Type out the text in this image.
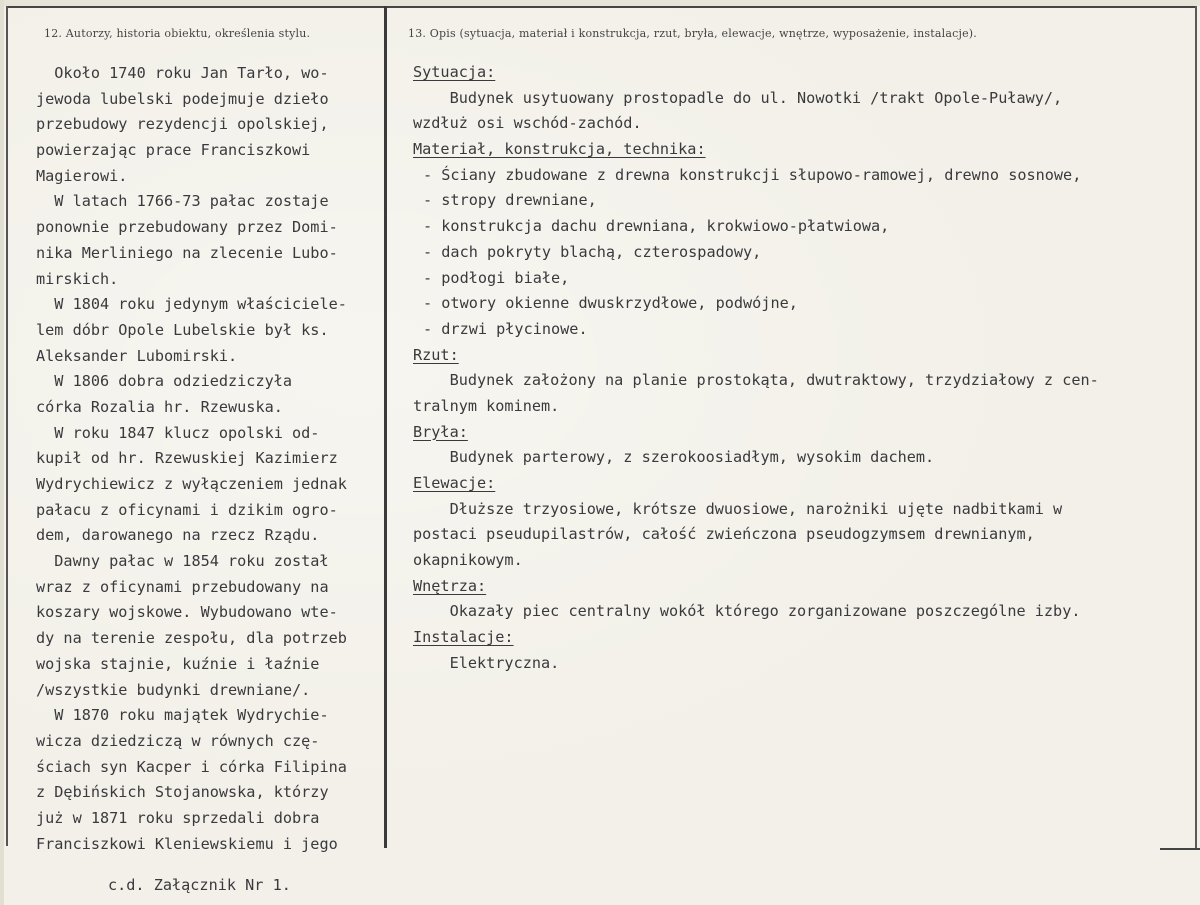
12. Autorzy, historia obiektu, określenia stylu.	13. Opis (sytuacja, materiał i konstrukcja, rzut, bryła, elewacje, wnętrze, wyposażenie, instalacje).
Około 1740 roku Jan Tarło, wo-
jewoda lubelski podejmuje dzieło
przebudowy rezydencji opolskiej,
powierzając prace Franciszkowi
Magierowi.
W latach 1766-73 pałac zostaje
ponownie przebudowany przez Domi-
nika Merliniego na zlecenie Lubo-
mirskich.
W 1804 roku jedynym właściciele-
lem dóbr Opole Lubelskie był ks.
Aleksander Lubomirski.
W 1806 dobra odziedziczyła
córka Rozalia hr. Rzewuska.
W roku 1847 klucz opolski od-
kupił od hr. Rzewuskiej Kazimierz
Wydrychiewicz z wyłączeniem jednak
pałacu z oficynami i dzikim ogro-
dem, darowanego na rzecz Rządu.
Dawny pałac w 1854 roku został
wraz z oficynami przebudowany na
koszary wojskowe. Wybudowano wte-
dy na terenie zespołu, dla potrzeb
wojska stajnie, kuźnie i łaźnie
/wszystkie budynki drewniane/.
W 1870 roku majątek Wydrychie-
wicza dziedziczą w równych czę-
ściach syn Kacper i córka Filipina
z Dębińskich Stojanowska, którzy
już w 1871 roku sprzedali dobra
Franciszkowi Kleniewskiemu i jego
Sytuacja:
Budynek usytuowany prostopadle do ul. Nowotki /trakt Opole-Puławy/,
wzdłuż osi wschód-zachód.
Materiał, konstrukcja, technika:
- Ściany zbudowane z drewna konstrukcji słupowo-ramowej, drewno sosnowe,
- stropy drewniane,
- konstrukcja dachu drewniana, krokwiowo-płatwiowa,
- dach pokryty blachą, czterospadowy,
- podłogi białe,
- otwory okienne dwuskrzydłowe, podwójne,
- drzwi płycinowe.
Rzut:
Budynek założony na planie prostokąta, dwutraktowy, trzydziałowy z cen-
tralnym kominem.
Bryła:
Budynek parterowy, z szerokoosiadłym, wysokim dachem.
Elewacje:
Dłuższe trzyosiowe, krótsze dwuosiowe, narożniki ujęte nadbitkami w
postaci pseudupilastrów, całość zwieńczona pseudogzymsem drewnianym,
okapnikowym.
Wnętrza:
Okazały piec centralny wokół którego zorganizowane poszczególne izby.
Instalacje:
Elektryczna.
c.d. Załącznik Nr 1.
